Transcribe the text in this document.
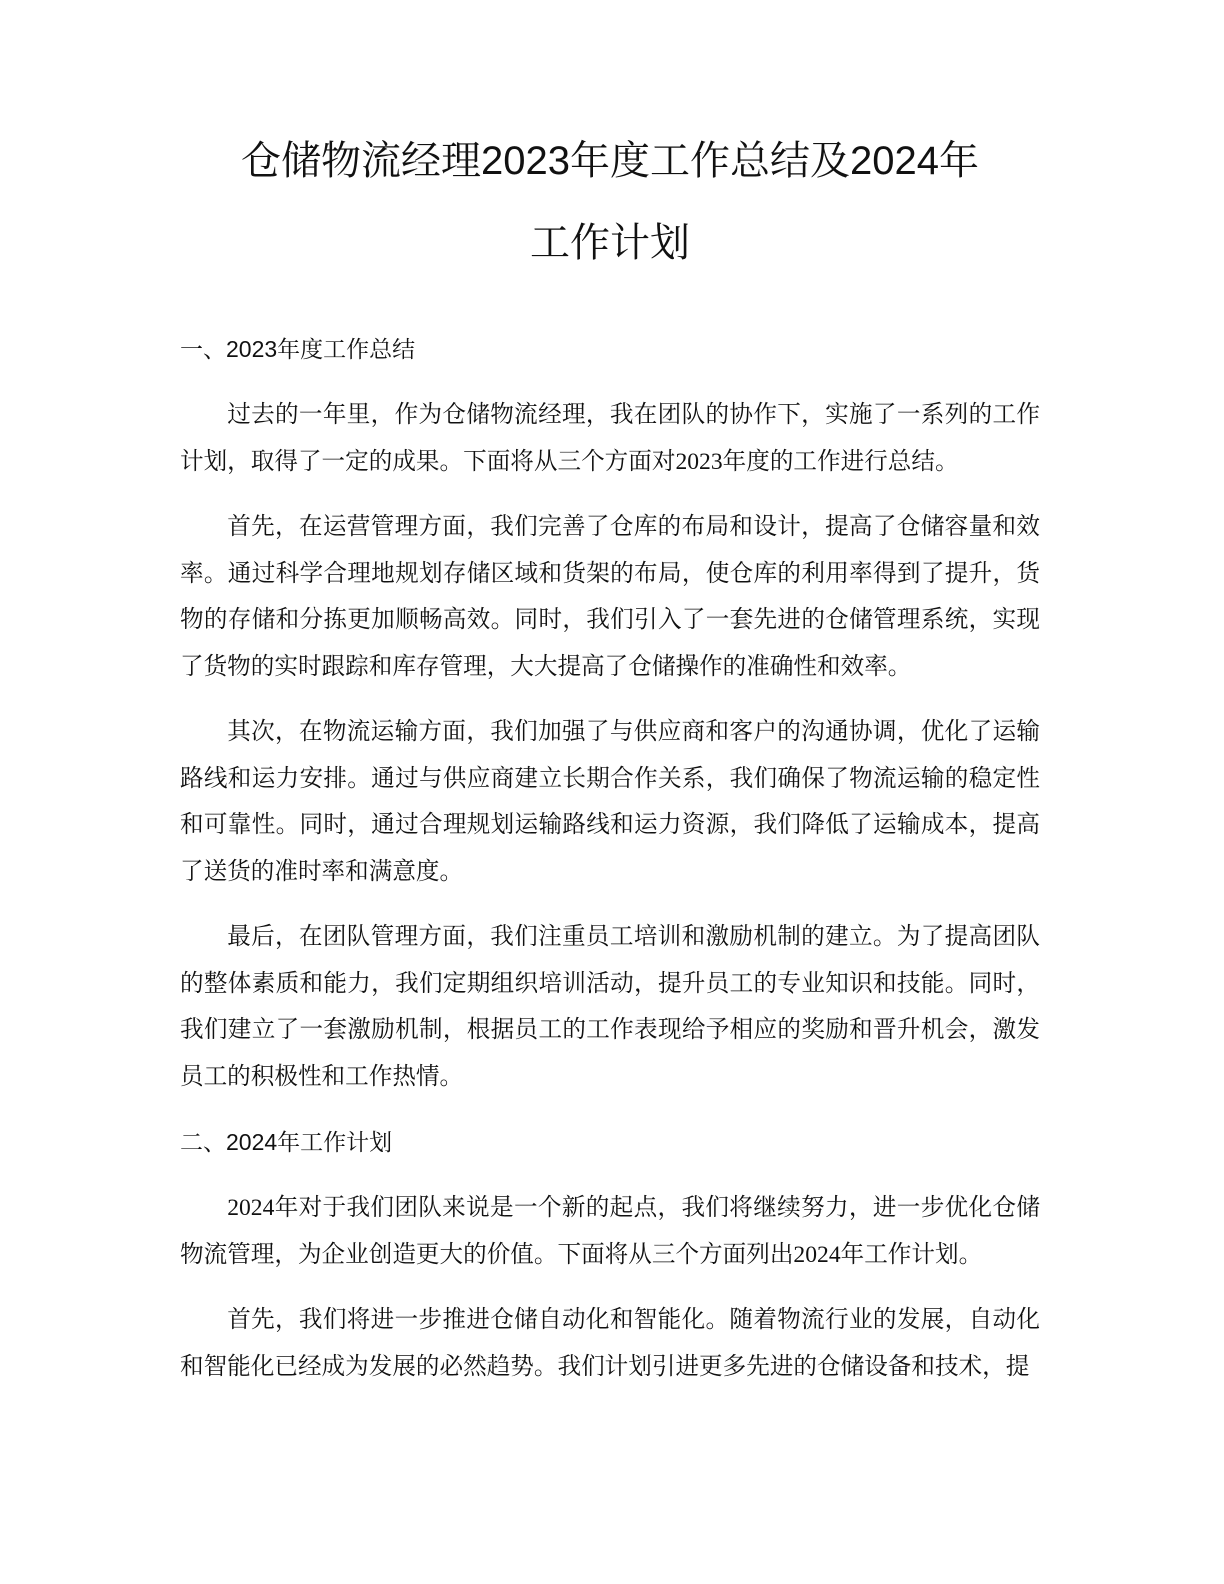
仓储物流经理2023年度工作总结及2024年
工作计划
一、2023年度工作总结

过去的一年里，作为仓储物流经理，我在团队的协作下，实施了一系列的工作计划，取得了一定的成果。下面将从三个方面对2023年度的工作进行总结。

首先，在运营管理方面，我们完善了仓库的布局和设计，提高了仓储容量和效率。通过科学合理地规划存储区域和货架的布局，使仓库的利用率得到了提升，货物的存储和分拣更加顺畅高效。同时，我们引入了一套先进的仓储管理系统，实现了货物的实时跟踪和库存管理，大大提高了仓储操作的准确性和效率。

其次，在物流运输方面，我们加强了与供应商和客户的沟通协调，优化了运输路线和运力安排。通过与供应商建立长期合作关系，我们确保了物流运输的稳定性和可靠性。同时，通过合理规划运输路线和运力资源，我们降低了运输成本，提高了送货的准时率和满意度。

最后，在团队管理方面，我们注重员工培训和激励机制的建立。为了提高团队的整体素质和能力，我们定期组织培训活动，提升员工的专业知识和技能。同时，我们建立了一套激励机制，根据员工的工作表现给予相应的奖励和晋升机会，激发员工的积极性和工作热情。

二、2024年工作计划

2024年对于我们团队来说是一个新的起点，我们将继续努力，进一步优化仓储物流管理，为企业创造更大的价值。下面将从三个方面列出2024年工作计划。

首先，我们将进一步推进仓储自动化和智能化。随着物流行业的发展，自动化和智能化已经成为发展的必然趋势。我们计划引进更多先进的仓储设备和技术，提
